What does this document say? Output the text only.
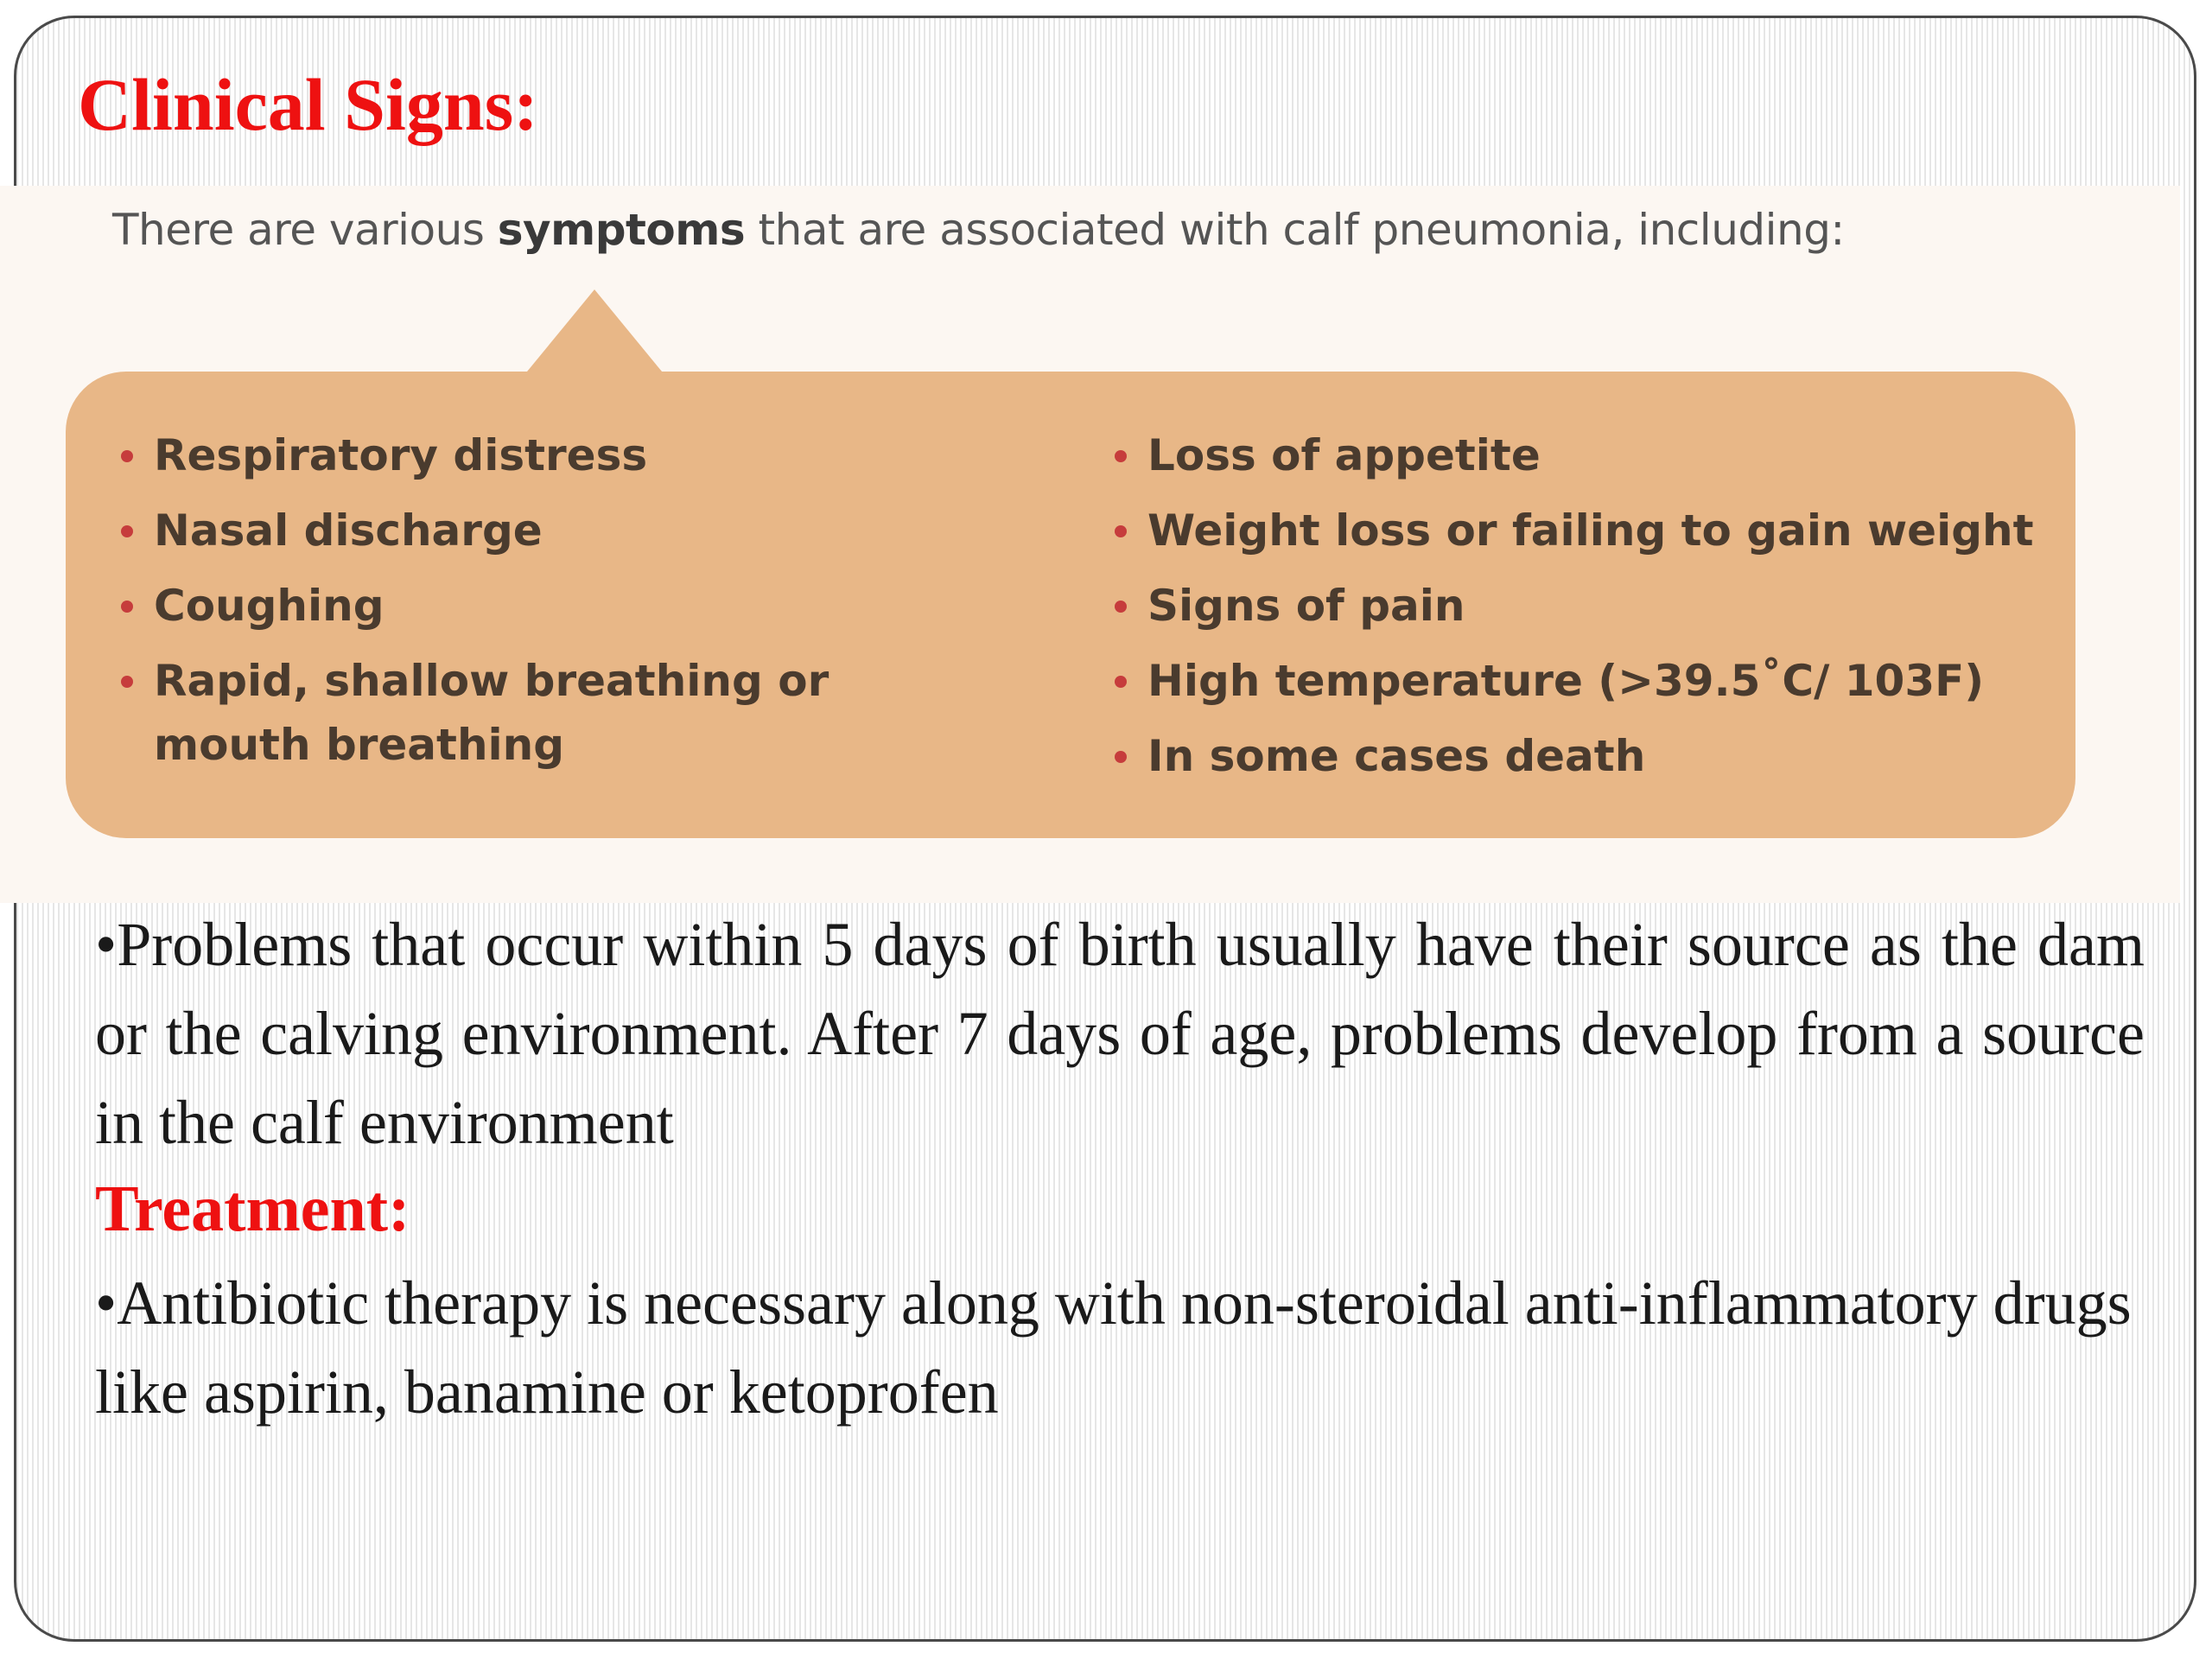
Clinical Signs:

There are various symptoms that are associated with calf pneumonia, including:

Respiratory distress
Nasal discharge
Coughing
Rapid, shallow breathing or mouth breathing
Loss of appetite
Weight loss or failing to gain weight
Signs of pain
High temperature (>39.5˚C/ 103F)
In some cases death

•Problems that occur within 5 days of birth usually have their source as the dam or the calving environment. After 7 days of age, problems develop from a source in the calf environment

Treatment:

•Antibiotic therapy is necessary along with non-steroidal anti-inflammatory drugs like aspirin, banamine or ketoprofen
